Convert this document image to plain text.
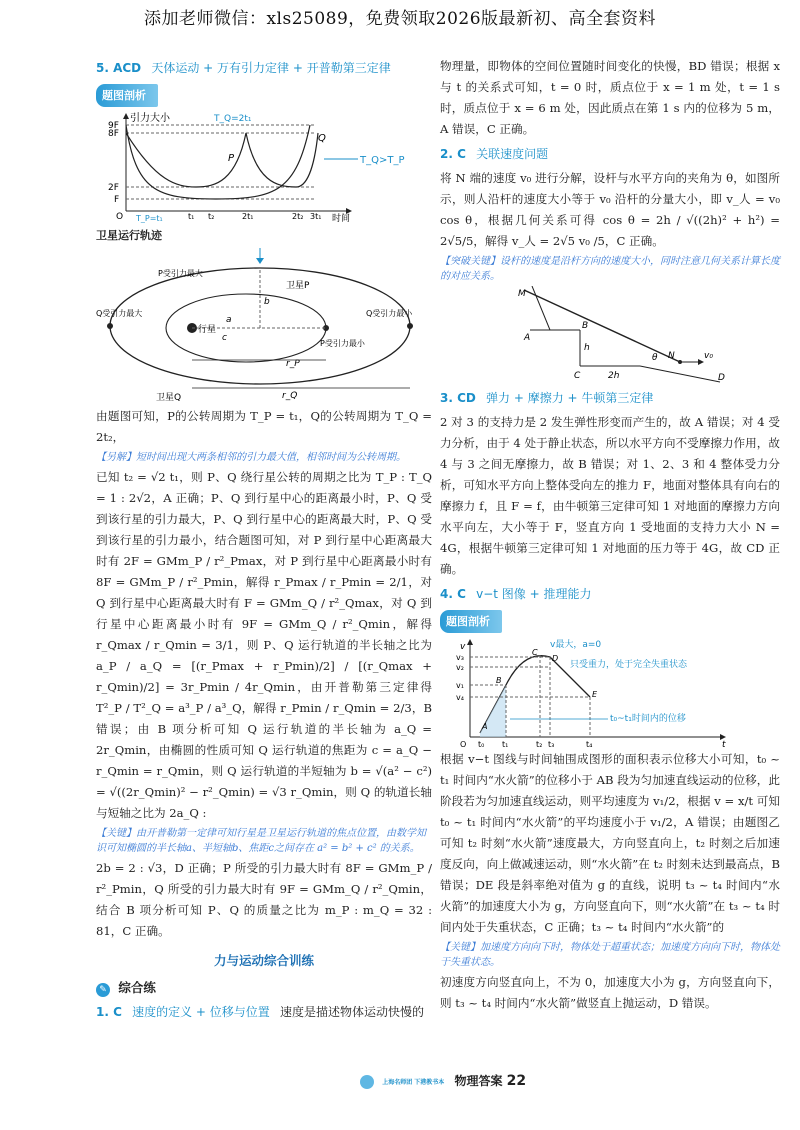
添加老师微信：xls25089，免费领取2026版最新初、高全套资料
5. ACD 天体运动 + 万有引力定律 + 开普勒第三定律
题图剖析
引力大小
9F
8F
2F
F
O
T_Q=2t₁
T_P=t₁	t₁ t₂	2t₁	2t₂ 3t₁ 时间
P
Q
T_Q>T_P
卫星运行轨迹
行星
P受引力最大
Q受引力最大	Q受引力最小
P受引力最小
卫星Q
卫星P
r_P
r_Q
a
b
c
由题图可知，P的公转周期为 T_P = t₁，Q的公转周期为 T_Q = 2t₂，
【另解】短时间出现大两条相邻的引力最大值，相邻时间为公转周期。
已知 t₂ = √2 t₁，则 P、Q 绕行星公转的周期之比为 T_P : T_Q = 1 : 2√2，A 正确；P、Q 到行星中心的距离最小时，P、Q 受到该行星的引力最大，P、Q 到行星中心的距离最大时，P、Q 受到该行星的引力最小，结合题图可知，对 P 到行星中心距离最大时有 2F = GMm_P / r²_Pmax，对 P 到行星中心距离最小时有 8F = GMm_P / r²_Pmin，解得 r_Pmax / r_Pmin = 2/1，对 Q 到行星中心距离最大时有 F = GMm_Q / r²_Qmax，对 Q 到行星中心距离最小时有 9F = GMm_Q / r²_Qmin，解得 r_Qmax / r_Qmin = 3/1，则 P、Q 运行轨道的半长轴之比为 a_P / a_Q = [(r_Pmax + r_Pmin)/2] / [(r_Qmax + r_Qmin)/2] = 3r_Pmin / 4r_Qmin，由开普勒第三定律得 T²_P / T²_Q = a³_P / a³_Q，解得 r_Pmin / r_Qmin = 2/3，B 错误；由 B 项分析可知 Q 运行轨道的半长轴为 a_Q = 2r_Qmin，由椭圆的性质可知 Q 运行轨道的焦距为 c = a_Q − r_Qmin = r_Qmin，则 Q 运行轨道的半短轴为 b = √(a² − c²) = √((2r_Qmin)² − r²_Qmin) = √3 r_Qmin，则 Q 的轨道长轴与短轴之比为 2a_Q :
【关键】由开普勒第一定律可知行星是卫星运行轨道的焦点位置，由数学知识可知椭圆的半长轴a、半短轴b、焦距c之间存在 a² = b² + c² 的关系。
2b = 2 : √3，D 正确；P 所受的引力最大时有 8F = GMm_P / r²_Pmin，Q 所受的引力最大时有 9F = GMm_Q / r²_Qmin，结合 B 项分析可知 P、Q 的质量之比为 m_P : m_Q = 32 : 81，C 正确。
力与运动综合训练
✎ 综合练
1. C 速度的定义 + 位移与位置 速度是描述物体运动快慢的
物理量，即物体的空间位置随时间变化的快慢，BD 错误；根据 x 与 t 的关系式可知，t = 0 时，质点位于 x = 1 m 处，t = 1 s 时，质点位于 x = 6 m 处，因此质点在第 1 s 内的位移为 5 m，A 错误，C 正确。
2. C 关联速度问题
将 N 端的速度 v₀ 进行分解，设杆与水平方向的夹角为 θ，如图所示，则人沿杆的速度大小等于 v₀ 沿杆的分量大小，即 v_人 = v₀ cos θ，根据几何关系可得 cos θ = 2h / √((2h)² + h²) = 2√5/5，解得 v_人 = 2√5 v₀ /5，C 正确。
【突破关键】设杆的速度是沿杆方向的速度大小，同时注意几何关系计算长度的对应关系。
M
A
B
C	D
N
h
2h
θ	v₀
3. CD 弹力 + 摩擦力 + 牛顿第三定律
2 对 3 的支持力是 2 发生弹性形变而产生的，故 A 错误；对 4 受力分析，由于 4 处于静止状态，所以水平方向不受摩擦力作用，故 4 与 3 之间无摩擦力，故 B 错误；对 1、2、3 和 4 整体受力分析，可知水平方向上整体受向左的推力 F，地面对整体具有向右的摩擦力 f，且 F = f，由牛顿第三定律可知 1 对地面的摩擦力方向水平向左，大小等于 F，竖直方向 1 受地面的支持力大小 N = 4G，根据牛顿第三定律可知 1 对地面的压力等于 4G，故 CD 正确。
4. C v−t 图像 + 推理能力
题图剖析
v
v₃
v₂
v₁
v₄
O t₀ t₁	t₂ t₃	t₄	t
A
B
C
D
E
v最大，a=0
只受重力，处于完全失重状态
t₀~t₁时间内的位移
根据 v−t 图线与时间轴围成图形的面积表示位移大小可知，t₀ ~ t₁ 时间内“水火箭”的位移小于 AB 段为匀加速直线运动的位移，此阶段若为匀加速直线运动，则平均速度为 v₁/2，根据 v = x/t 可知 t₀ ~ t₁ 时间内“水火箭”的平均速度小于 v₁/2，A 错误；由题图乙可知 t₂ 时刻“水火箭”速度最大，方向竖直向上，t₂ 时刻之后加速度反向，向上做减速运动，则“水火箭”在 t₂ 时刻未达到最高点，B 错误；DE 段是斜率绝对值为 g 的直线，说明 t₃ ~ t₄ 时间内“水火箭”的加速度大小为 g，方向竖直向下，则“水火箭”在 t₃ ~ t₄ 时间内处于失重状态，C 正确；t₃ ~ t₄ 时间内“水火箭”的
【关键】加速度方向向下时，物体处于超重状态；加速度方向向下时，物体处于失重状态。
初速度方向竖直向上，不为 0，加速度大小为 g，方向竖直向下，则 t₃ ~ t₄ 时间内“水火箭”做竖直上抛运动，D 错误。
上海名师团 下港教书本 物理答案 22
